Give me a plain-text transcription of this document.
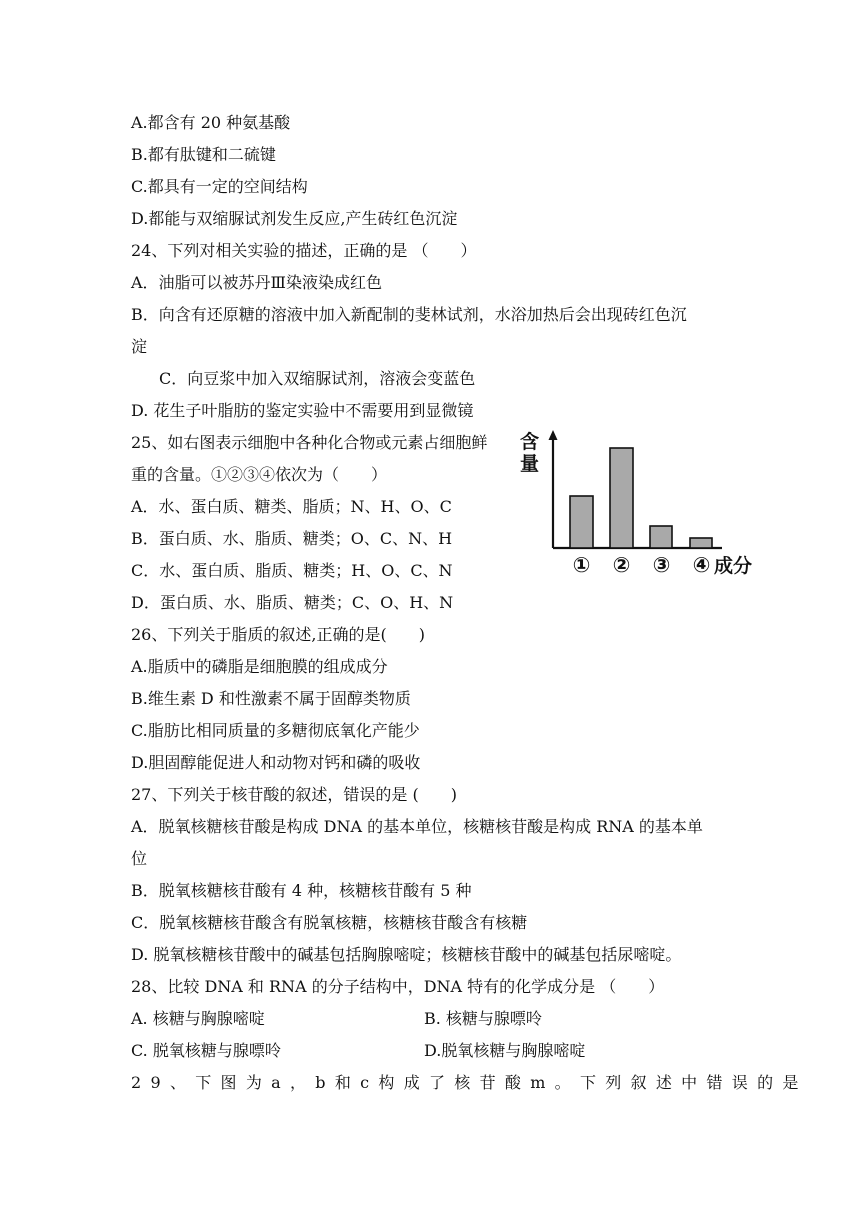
A.都含有 20 种氨基酸
B.都有肽键和二硫键
C.都具有一定的空间结构
D.都能与双缩脲试剂发生反应,产生砖红色沉淀
24、下列对相关实验的描述，正确的是 （　　）
A．油脂可以被苏丹Ⅲ染液染成红色
B．向含有还原糖的溶液中加入新配制的斐林试剂，水浴加热后会出现砖红色沉
淀
C．向豆浆中加入双缩脲试剂，溶液会变蓝色
D. 花生子叶脂肪的鉴定实验中不需要用到显微镜
25、如右图表示细胞中各种化合物或元素占细胞鲜
重的含量。①②③④依次为（　　）
A．水、蛋白质、糖类、脂质；N、H、O、C
B．蛋白质、水、脂质、糖类；O、C、N、H
C．水、蛋白质、脂质、糖类；H、O、C、N
D．蛋白质、水、脂质、糖类；C、O、H、N
26、下列关于脂质的叙述,正确的是(　　)
A.脂质中的磷脂是细胞膜的组成成分
B.维生素 D 和性激素不属于固醇类物质
C.脂肪比相同质量的多糖彻底氧化产能少
D.胆固醇能促进人和动物对钙和磷的吸收
27、下列关于核苷酸的叙述，错误的是 (　　)
A．脱氧核糖核苷酸是构成 DNA 的基本单位，核糖核苷酸是构成 RNA 的基本单
位
B．脱氧核糖核苷酸有 4 种，核糖核苷酸有 5 种
C．脱氧核糖核苷酸含有脱氧核糖，核糖核苷酸含有核糖
D. 脱氧核糖核苷酸中的碱基包括胸腺嘧啶；核糖核苷酸中的碱基包括尿嘧啶。
28、比较 DNA 和 RNA 的分子结构中，DNA 特有的化学成分是 （　　）
A. 核糖与胸腺嘧啶	B. 核糖与腺嘌呤
C. 脱氧核糖与腺嘌呤	D.脱氧核糖与胸腺嘧啶
29、下图为a，b和c构成了核苷酸m。下列叙述中错误的是
含
量
① ② ③ ④ 成分
